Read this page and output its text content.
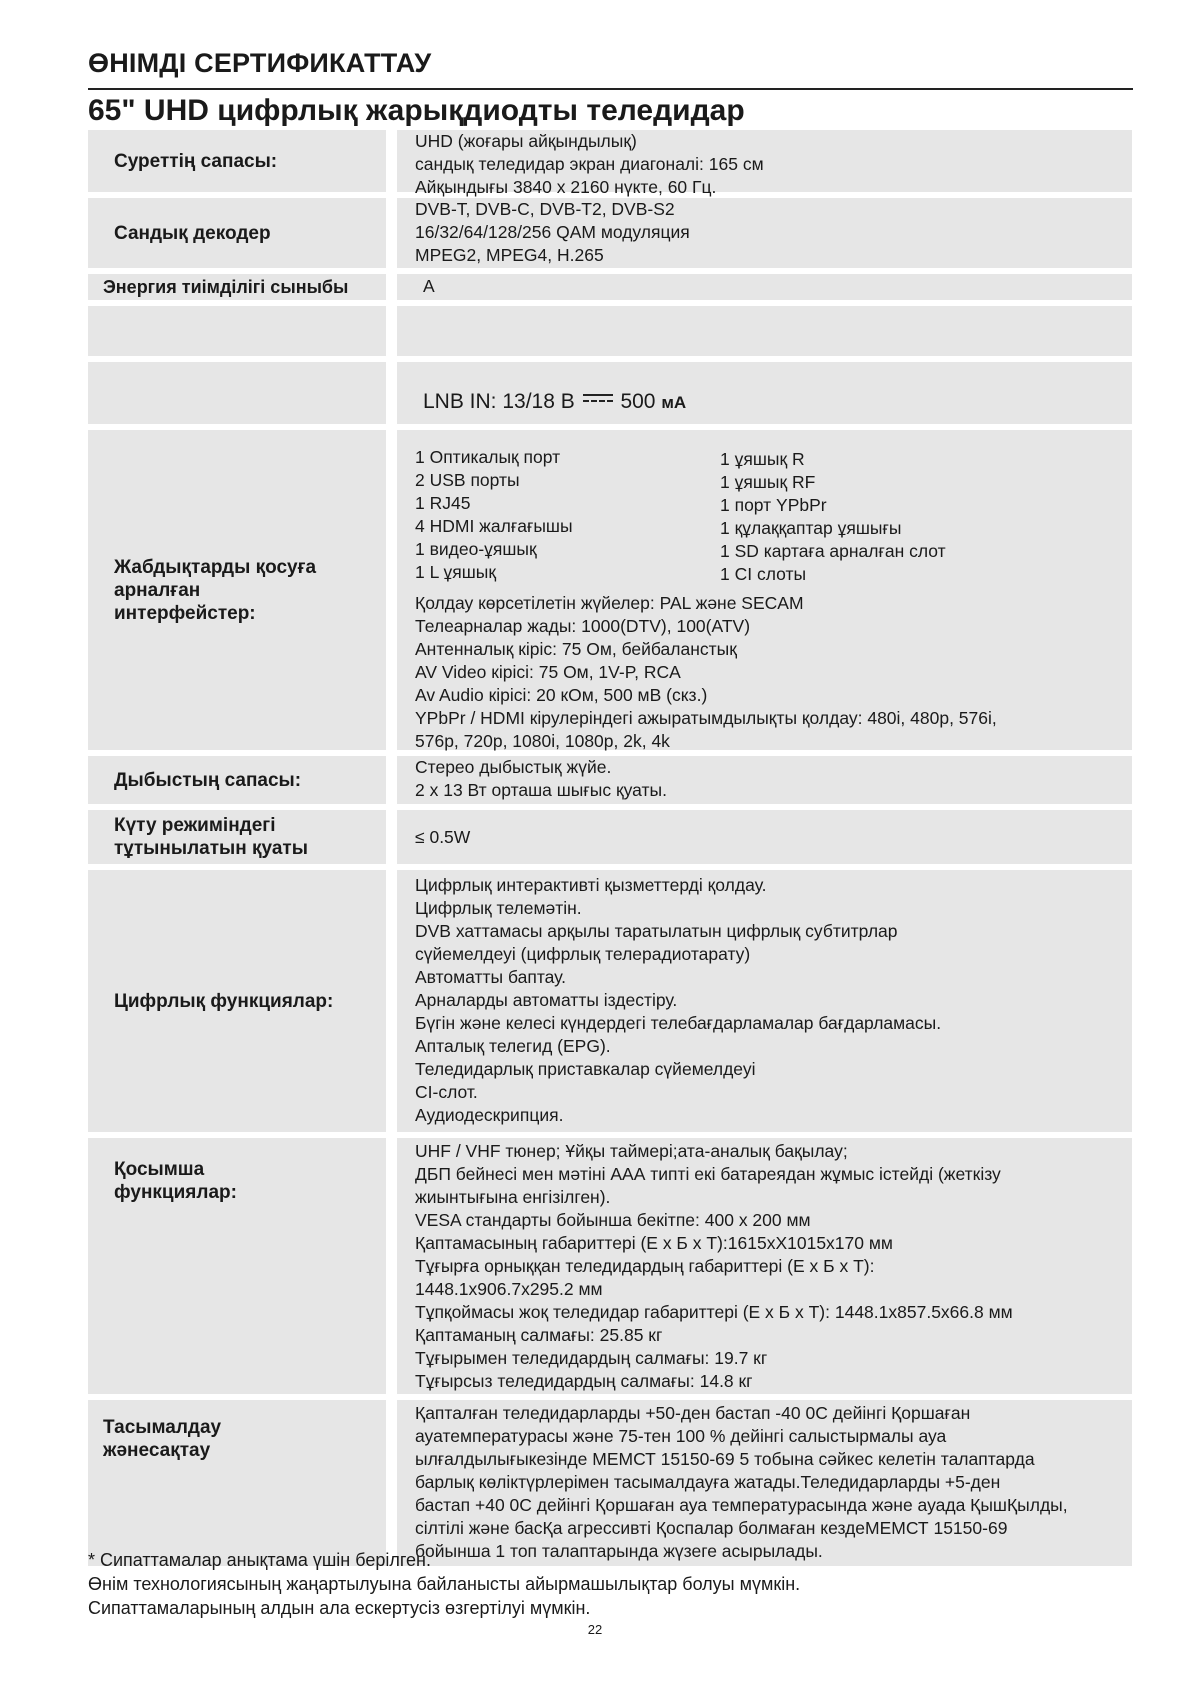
ӨНІМДІ СЕРТИФИКАТТАУ
65" UHD цифрлық жарықдиодты теледидар
Суреттің сапасы:
UHD (жоғары айқындылық)
сандық теледидар экран диагоналі: 165 см
Айқындығы 3840 x 2160 нүкте, 60 Гц.
Сандық декодер
DVB-T, DVB-C, DVB-T2, DVB-S2
16/32/64/128/256 QAM модуляция
MPEG2, MPEG4, H.265
Энергия тиімділігі сыныбы	A
LNB IN: 13/18 В 500 мА
Жабдықтарды қосуға арналған интерфейстер:
1 Оптикалық порт
2 USB порты
1 RJ45
4 HDMI жалғағышы
1 видео-ұяшық
1 L ұяшық
1 ұяшық R
1 ұяшық RF
1 порт YPbPr
1 құлаққаптар ұяшығы
1 SD картаға арналған слот
1 CI слоты
Қолдау көрсетілетін жүйелер: PAL және SECAM
Телеарналар жады: 1000(DTV), 100(ATV)
Антенналық кіріс: 75 Ом, бейбаланстық
AV Video кірісі: 75 Ом, 1V-P, RCA
Av Audio кірісі: 20 кОм, 500 мВ (скз.)
YPbPr / HDMI кірулеріндегі ажыратымдылықты қолдау: 480i, 480p, 576i,
576p, 720p, 1080i, 1080p, 2k, 4k
Дыбыстың сапасы:
Стерео дыбыстық жүйе.
2 x 13 Вт орташа шығыс қуаты.
Күту режиміндегі тұтынылатын қуаты
≤ 0.5W
Цифрлық функциялар:
Цифрлық интерактивті қызметтерді қолдау.
Цифрлық телемәтін.
DVB хаттамасы арқылы таратылатын цифрлық субтитрлар
сүйемелдеуі (цифрлық телерадиотарату)
Автоматты баптау.
Арналарды автоматты іздестіру.
Бүгін және келесі күндердегі телебағдарламалар бағдарламасы.
Апталық телегид (EPG).
Теледидарлық приставкалар сүйемелдеуі
CI-слот.
Аудиодескрипция.
Қосымша функциялар:
UHF / VHF тюнер; Ұйқы таймері;ата-аналық бақылау;
ДБП бейнесі мен мәтіні ААА типті екі батареядан жұмыс істейді (жеткізу
жиынтығына енгізілген).
VESA стандарты бойынша бекітпе: 400 x 200 мм
Қаптамасының габариттері (Е x Б x Т):1615хХ1015х170 мм
Тұғырға орныққан теледидардың габариттері (Е x Б x Т):
1448.1x906.7x295.2 мм
Тұпқоймасы жоқ теледидар габариттері (Е x Б x Т): 1448.1x857.5x66.8 мм
Қаптаманың салмағы: 25.85 кг
Тұғырымен теледидардың салмағы: 19.7 кг
Тұғырсыз теледидардың салмағы: 14.8 кг
Тасымалдау жәнесақтау
Қапталған теледидарларды +50-ден бастап -40 0С дейінгі Қоршаған
ауатемпературасы және 75-тен 100 % дейінгі салыстырмалы ауа
ылғалдылығыкезінде МЕМСТ 15150-69 5 тобына сәйкес келетін талаптарда
барлық көліктүрлерімен тасымалдауға жатады.Теледидарларды +5-ден
бастап +40 0С дейінгі Қоршаған ауа температурасында және ауада ҚышҚылды,
сілтілі және басҚа агрессивті Қоспалар болмаған кездеМЕМСТ 15150-69
бойынша 1 топ талаптарында жүзеге асырылады.
* Сипаттамалар анықтама үшін берілген.
Өнім технологиясының жаңартылуына байланысты айырмашылықтар болуы мүмкін.
Сипаттамаларының алдын ала ескертусіз өзгертілуі мүмкін.
22
